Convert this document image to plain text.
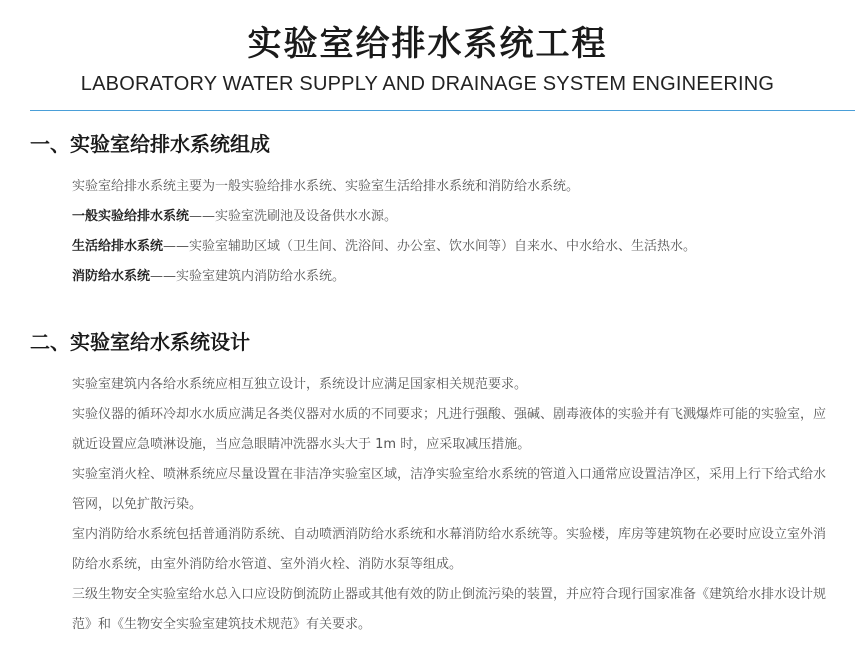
实验室给排水系统工程
LABORATORY WATER SUPPLY AND DRAINAGE SYSTEM ENGINEERING
一、实验室给排水系统组成

实验室给排水系统主要为一般实验给排水系统、实验室生活给排水系统和消防给水系统。

一般实验给排水系统——实验室洗刷池及设备供水水源。

生活给排水系统——实验室辅助区域（卫生间、洗浴间、办公室、饮水间等）自来水、中水给水、生活热水。

消防给水系统——实验室建筑内消防给水系统。

二、实验室给水系统设计

实验室建筑内各给水系统应相互独立设计，系统设计应满足国家相关规范要求。

实验仪器的循环冷却水水质应满足各类仪器对水质的不同要求；凡进行强酸、强碱、剧毒液体的实验并有飞溅爆炸可能的实验室，应就近设置应急喷淋设施，当应急眼睛冲洗器水头大于 1m 时，应采取减压措施。

实验室消火栓、喷淋系统应尽量设置在非洁净实验室区域，洁净实验室给水系统的管道入口通常应设置洁净区，采用上行下给式给水管网，以免扩散污染。

室内消防给水系统包括普通消防系统、自动喷洒消防给水系统和水幕消防给水系统等。实验楼，库房等建筑物在必要时应设立室外消防给水系统，由室外消防给水管道、室外消火栓、消防水泵等组成。

三级生物安全实验室给水总入口应设防倒流防止器或其他有效的防止倒流污染的装置，并应符合现行国家准备《建筑给水排水设计规范》和《生物安全实验室建筑技术规范》有关要求。
